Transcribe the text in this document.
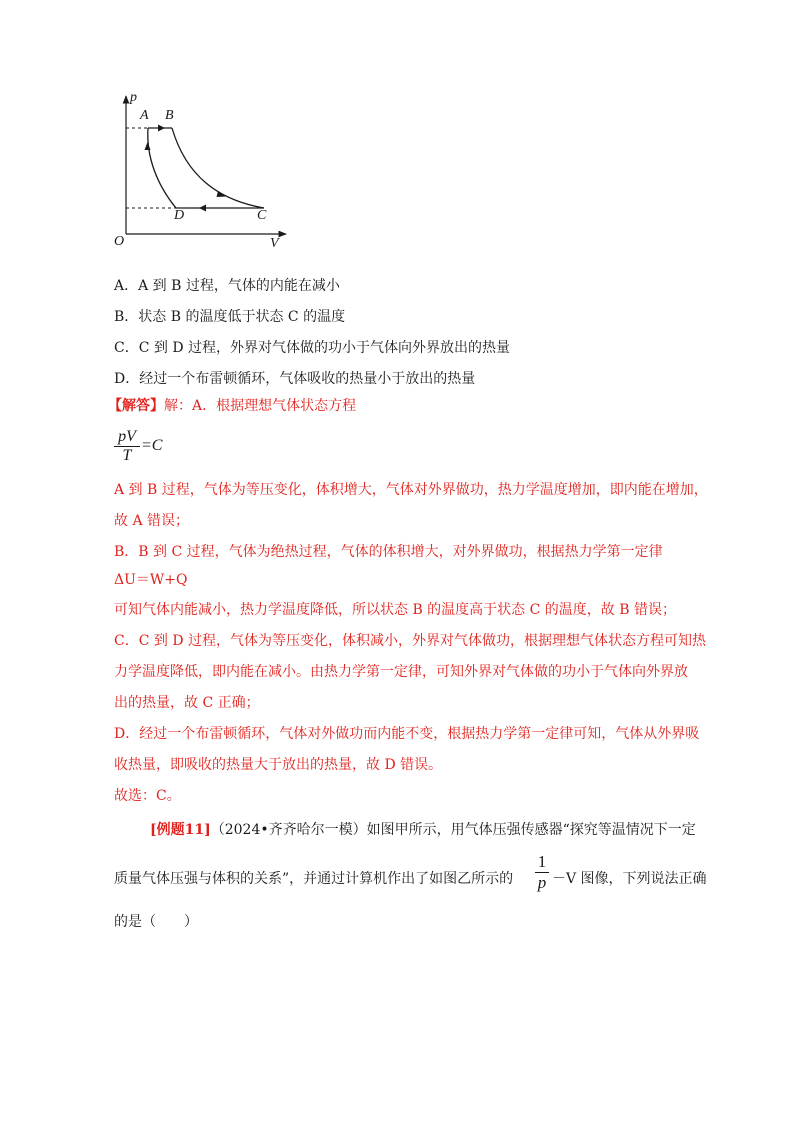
p
A B
D	C
O	V
A．A 到 B 过程，气体的内能在减小
B．状态 B 的温度低于状态 C 的温度
C．C 到 D 过程，外界对气体做的功小于气体向外界放出的热量
D．经过一个布雷顿循环，气体吸收的热量小于放出的热量
【解答】解：A．根据理想气体状态方程
$\frac{pV}{T} =C$
A 到 B 过程，气体为等压变化，体积增大，气体对外界做功，热力学温度增加，即内能在增加，
故 A 错误；
B．B 到 C 过程，气体为绝热过程，气体的体积增大，对外界做功，根据热力学第一定律
ΔU＝W+Q
可知气体内能减小，热力学温度降低，所以状态 B 的温度高于状态 C 的温度，故 B 错误；
C．C 到 D 过程，气体为等压变化，体积减小，外界对气体做功，根据理想气体状态方程可知热
力学温度降低，即内能在减小。由热力学第一定律，可知外界对气体做的功小于气体向外界放
出的热量，故 C 正确；
D．经过一个布雷顿循环，气体对外做功而内能不变，根据热力学第一定律可知，气体从外界吸
收热量，即吸收的热量大于放出的热量，故 D 错误。
故选：C。
[例题11]（2024•齐齐哈尔一模）如图甲所示，用气体压强传感器“探究等温情况下一定
质量气体压强与体积的关系”，并通过计算机作出了如图乙所示的 $\frac{1}{p} -V$ 图像，下列说法正确
的是（　　）
